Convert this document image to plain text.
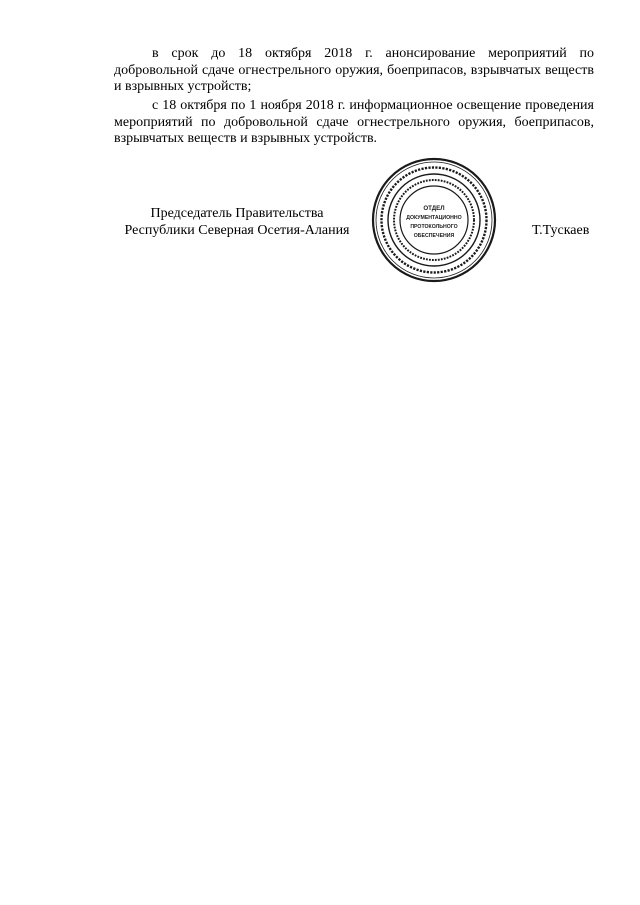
в срок до 18 октября 2018 г. анонсирование мероприятий по добровольной сдаче огнестрельного оружия, боеприпасов, взрывчатых веществ и взрывных устройств;

с 18 октября по 1 ноября 2018 г. информационное освещение проведения мероприятий по добровольной сдаче огнестрельного оружия, боеприпасов, взрывчатых веществ и взрывных устройств.

Председатель Правительства
Республики Северная Осетия-Алания
ОТДЕЛ
ДОКУМЕНТАЦИОННО
ПРОТОКОЛЬНОГО
ОБЕСПЕЧЕНИЯ	Т.Тускаев
